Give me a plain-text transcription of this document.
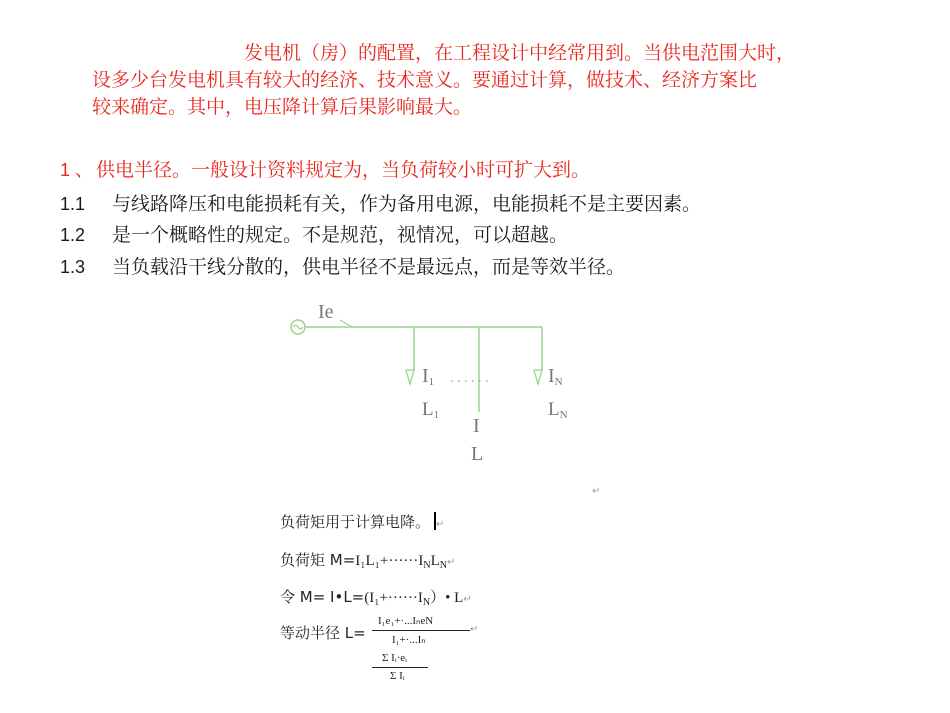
发电机（房）的配置，在工程设计中经常用到。当供电范围大时，
设多少台发电机具有较大的经济、技术意义。要通过计算，做技术、经济方案比
较来确定。其中，电压降计算后果影响最大。
1 、 供电半径。一般设计资料规定为，当负荷较小时可扩大到。
1.1 与线路降压和电能损耗有关，作为备用电源，电能损耗不是主要因素。
1.2 是一个概略性的规定。不是规范，视情况，可以超越。
1.3 当负载沿干线分散的，供电半径不是最远点，而是等效半径。
Ie
I1 . . . . . .	IN
L1	LN
I
L
↵
负荷矩用于计算电降。 ↵
负荷矩 $M=I_1L_1+\cdot\cdot\cdot\cdot\cdot\cdot I_NL_N↵$
令 $M= I•L=(I_1+\cdot\cdot\cdot\cdot\cdot\cdot I_N)•$ L↵
等动半径 L=
I₁e₁+·...IₙeN
I₁+·...Iₙ
↵
Σ Iᵢ·eᵢ
Σ Iᵢ
